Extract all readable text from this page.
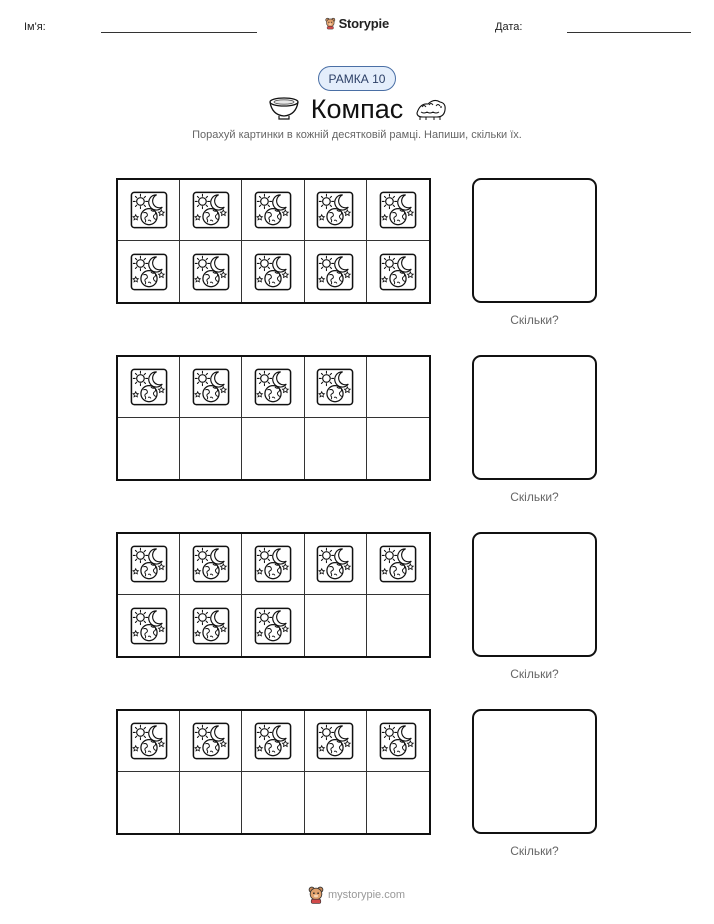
Ім'я:	Storypie	Дата:
РАМКА 10
Компас
Порахуй картинки в кожній десятковій рамці. Напиши, скільки їх.
Скільки?
Скільки?
Скільки?
Скільки?
mystorypie.com
